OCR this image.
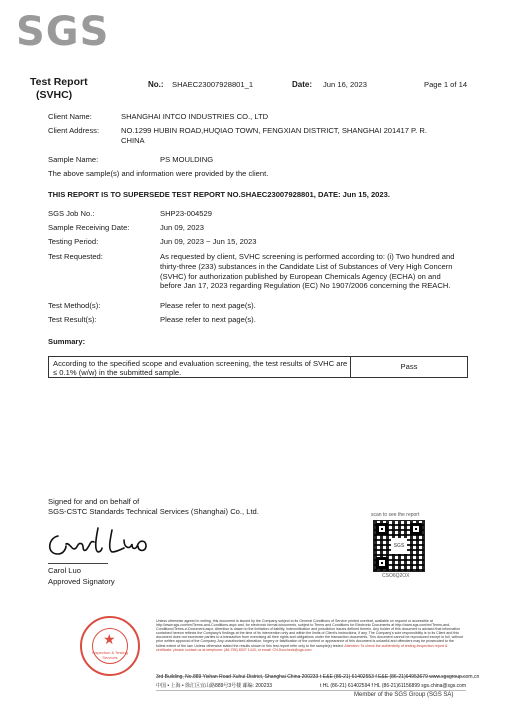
SGS
Test Report
(SVHC)
No.: SHAEC23007928801_1	Date: Jun 16, 2023	Page 1 of 14
Client Name:	SHANGHAI INTCO INDUSTRIES CO., LTD
Client Address:	NO.1299 HUBIN ROAD,HUQIAO TOWN, FENGXIAN DISTRICT, SHANGHAI 201417 P. R.
CHINA
Sample Name:	PS MOULDING
The above sample(s) and information were provided by the client.
THIS REPORT IS TO SUPERSEDE TEST REPORT NO.SHAEC23007928801, DATE: Jun 15, 2023.
SGS Job No.:	SHP23-004529
Sample Receiving Date:	Jun 09, 2023
Testing Period:	Jun 09, 2023 ~ Jun 15, 2023
Test Requested:	As requested by client, SVHC screening is performed according to: (i) Two hundred and thirty-three (233) substances in the Candidate List of Substances of Very High Concern (SVHC) for authorization published by European Chemicals Agency (ECHA) on and before Jan 17, 2023 regarding Regulation (EC) No 1907/2006 concerning the REACH.
Test Method(s):	Please refer to next page(s).
Test Result(s):	Please refer to next page(s).
Summary:
According to the specified scope and evaluation screening, the test results of SVHC are ≤ 0.1% (w/w) in the submitted sample.
Pass
Signed for and on behalf of
SGS-CSTC Standards Technical Services (Shanghai) Co., Ltd.
Carol Luo
Approved Signatory
scan to see the report
SGS
CSO6Q2OX
★
Inspection & Testing Services
Unless otherwise agreed in writing, this document is issued by the Company subject to its General Conditions of Service printed overleaf, available on request or accessible at http://www.sgs.com/en/Terms-and-Conditions.aspx and, for electronic format documents, subject to Terms and Conditions for Electronic Documents at http://www.sgs.com/en/Terms-and-Conditions/Terms-e-Document.aspx. Attention is drawn to the limitation of liability, indemnification and jurisdiction issues defined therein. Any holder of this document is advised that information contained hereon reflects the Company's findings at the time of its intervention only and within the limits of Client's instructions, if any. The Company's sole responsibility is to its Client and this document does not exonerate parties to a transaction from exercising all their rights and obligations under the transaction documents. This document cannot be reproduced except in full, without prior written approval of the Company. Any unauthorized alteration, forgery or falsification of the content or appearance of this document is unlawful and offenders may be prosecuted to the fullest extent of the law. Unless otherwise stated the results shown in this test report refer only to the sample(s) tested. Attention: To check the authenticity of testing /inspection report & certificate, please contact us at telephone: (86-755) 8307 1443, or email: CN.Doccheck@sgs.com
3rd Building, No.889 Yishan Road Xuhui District, Shanghai China 200233
中国 • 上海 • 徐汇区宜山路889号3号楼 邮编: 200233
t E&E (86-21) 61402553 f E&E (86-21)64953679 www.sgsgroup.com.cn
t HL (86-21) 61402594 f HL (86-21)61156899 sgs.china@sgs.com
Member of the SGS Group (SGS SA)
